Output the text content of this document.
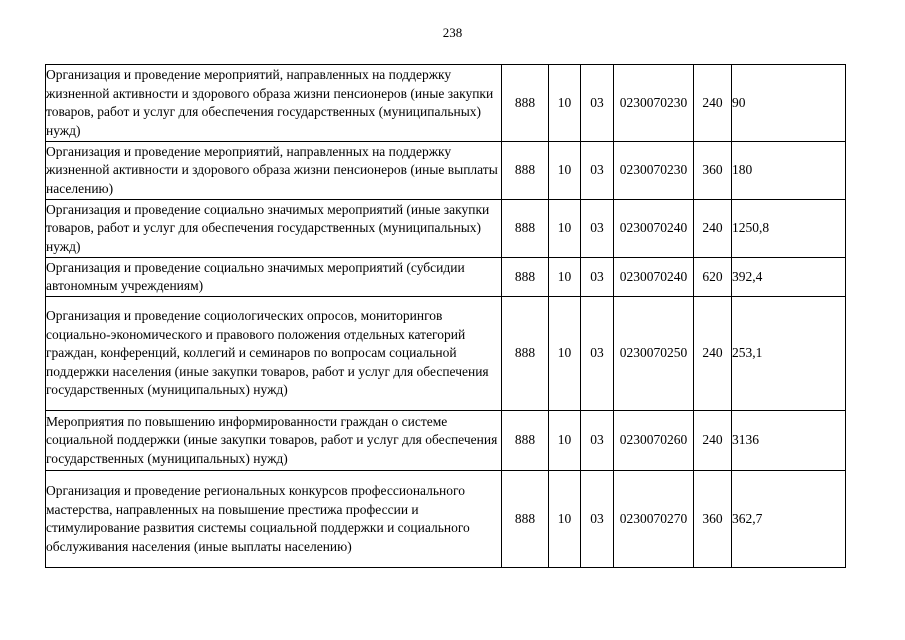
238
Организация и проведение мероприятий, направленных на поддержку жизненной активности и здорового образа жизни пенсионеров (иные закупки товаров, работ и услуг для обеспечения государственных (муниципальных) нужд)	888	10	03	0230070230	240	90
Организация и проведение мероприятий, направленных на поддержку жизненной активности и здорового образа жизни пенсионеров (иные выплаты населению)	888	10	03	0230070230	360	180
Организация и проведение социально значимых мероприятий (иные закупки товаров, работ и услуг для обеспечения государственных (муниципальных) нужд)	888	10	03	0230070240	240	1250,8
Организация и проведение социально значимых мероприятий (субсидии автономным учреждениям)	888	10	03	0230070240	620	392,4
Организация и проведение социологических опросов, мониторингов социально-экономического и правового положения отдельных категорий граждан, конференций, коллегий и семинаров по вопросам социальной поддержки населения (иные закупки товаров, работ и услуг для обеспечения государственных (муниципальных) нужд)	888	10	03	0230070250	240	253,1
Мероприятия по повышению информированности граждан о системе социальной поддержки (иные закупки товаров, работ и услуг для обеспечения государственных (муниципальных) нужд)	888	10	03	0230070260	240	3136
Организация и проведение региональных конкурсов профессионального мастерства, направленных на повышение престижа профессии и стимулирование развития системы социальной поддержки и социального обслуживания населения (иные выплаты населению)	888	10	03	0230070270	360	362,7
